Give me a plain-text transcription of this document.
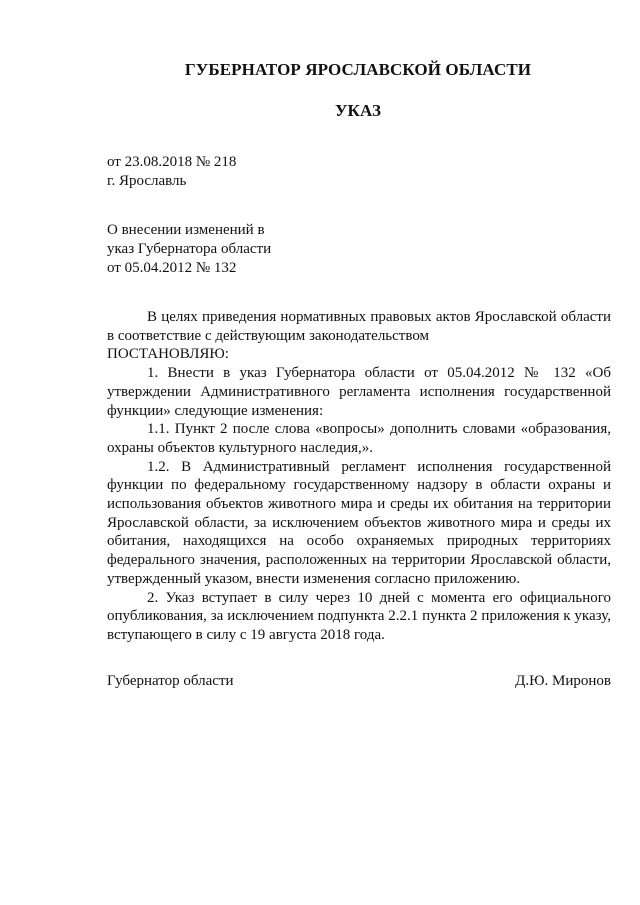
ГУБЕРНАТОР ЯРОСЛАВСКОЙ ОБЛАСТИ
УКАЗ
от 23.08.2018 № 218
г. Ярославль
О внесении изменений в
указ Губернатора области
от 05.04.2012 № 132

В целях приведения нормативных правовых актов Ярославской области в соответствие с действующим законодательством

ПОСТАНОВЛЯЮ:

1. Внести в указ Губернатора области от 05.04.2012 № 132 «Об утверждении Административного регламента исполнения государственной функции» следующие изменения:

1.1. Пункт 2 после слова «вопросы» дополнить словами «образования, охраны объектов культурного наследия,».

1.2. В Административный регламент исполнения государственной функции по федеральному государственному надзору в области охраны и использования объектов животного мира и среды их обитания на территории Ярославской области, за исключением объектов животного мира и среды их обитания, находящихся на особо охраняемых природных территориях федерального значения, расположенных на территории Ярославской области, утвержденный указом, внести изменения согласно приложению.

2. Указ вступает в силу через 10 дней с момента его официального опубликования, за исключением подпункта 2.2.1 пункта 2 приложения к указу, вступающего в силу с 19 августа 2018 года.

Губернатор области	Д.Ю. Миронов
